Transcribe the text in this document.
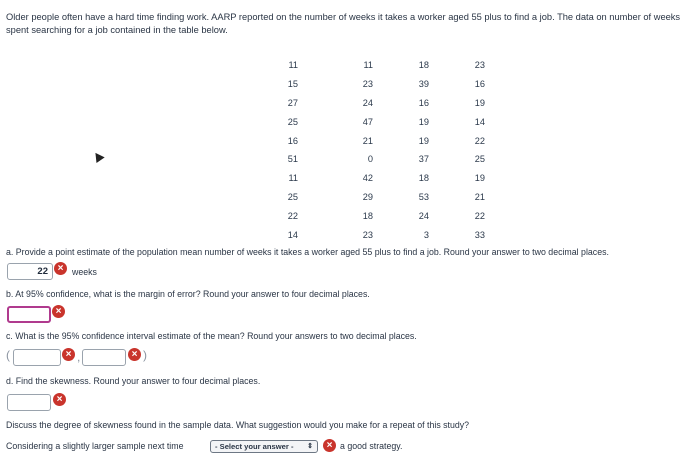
Older people often have a hard time finding work. AARP reported on the number of weeks it takes a worker aged 55 plus to find a job. The data on number of weeks spent searching for a job contained in the table below.
11	11	18	23
15	23	39	16
27	24	16	19
25	47	19	14
16	21	19	22
51	0	37	25
11	42	18	19
25	29	53	21
22	18	24	22
14	23	3	33
a. Provide a point estimate of the population mean number of weeks it takes a worker aged 55 plus to find a job. Round your answer to two decimal places.
22 × weeks
b. At 95% confidence, what is the margin of error? Round your answer to four decimal places.
×
c. What is the 95% confidence interval estimate of the mean? Round your answers to two decimal places.
(	× ,	× )
d. Find the skewness. Round your answer to four decimal places.
×
Discuss the degree of skewness found in the sample data. What suggestion would you make for a repeat of this study?
Considering a slightly larger sample next time	- Select your answer - ⇕	× a good strategy.
